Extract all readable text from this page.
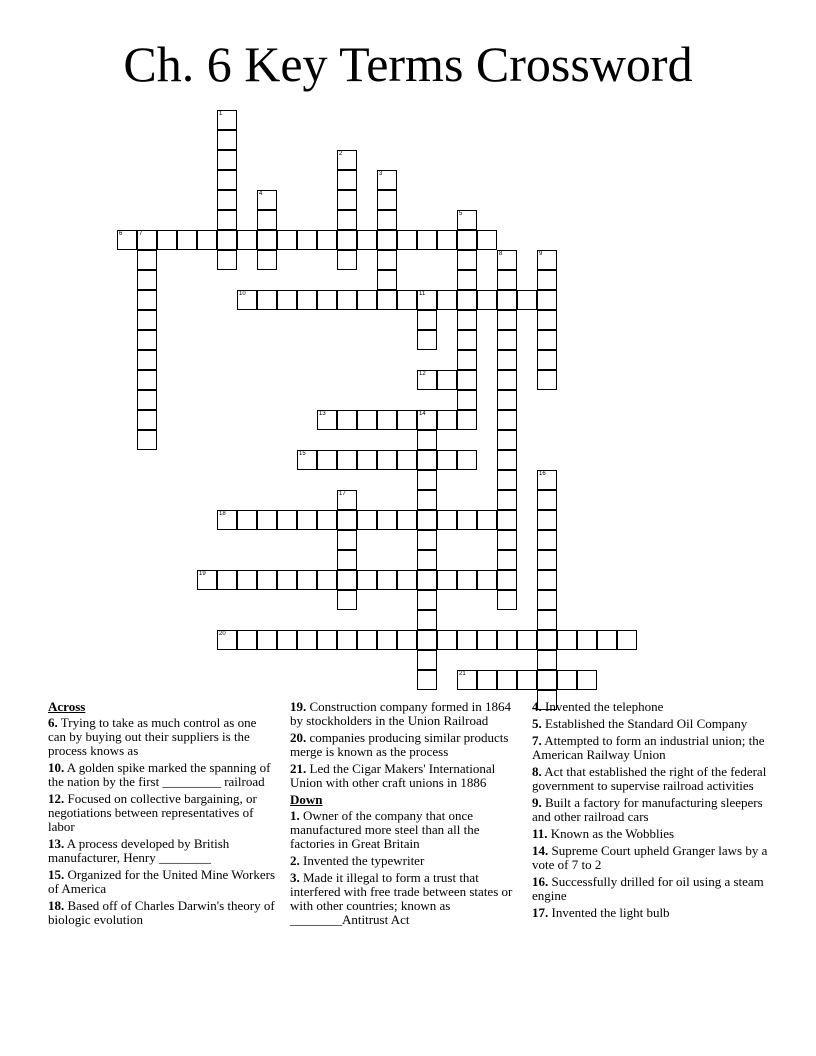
Ch. 6 Key Terms Crossword
1
2
3
4
5
6	7
8	9
10	11
12
13	14
15
16
17
18
19
20
21
Across
6. Trying to take as much control as one can by buying out their suppliers is the process knows as
10. A golden spike marked the spanning of the nation by the first _________ railroad
12. Focused on collective bargaining, or negotiations between representatives of labor
13. A process developed by British manufacturer, Henry ________
15. Organized for the United Mine Workers of America
18. Based off of Charles Darwin's theory of biologic evolution
19. Construction company formed in 1864 by stockholders in the Union Railroad
20. companies producing similar products merge is known as the process
21. Led the Cigar Makers' International Union with other craft unions in 1886
Down
1. Owner of the company that once manufactured more steel than all the factories in Great Britain
2. Invented the typewriter
3. Made it illegal to form a trust that interfered with free trade between states or with other countries; known as ________Antitrust Act
4. Invented the telephone
5. Established the Standard Oil Company
7. Attempted to form an industrial union; the American Railway Union
8. Act that established the right of the federal government to supervise railroad activities
9. Built a factory for manufacturing sleepers and other railroad cars
11. Known as the Wobblies
14. Supreme Court upheld Granger laws by a vote of 7 to 2
16. Successfully drilled for oil using a steam engine
17. Invented the light bulb
